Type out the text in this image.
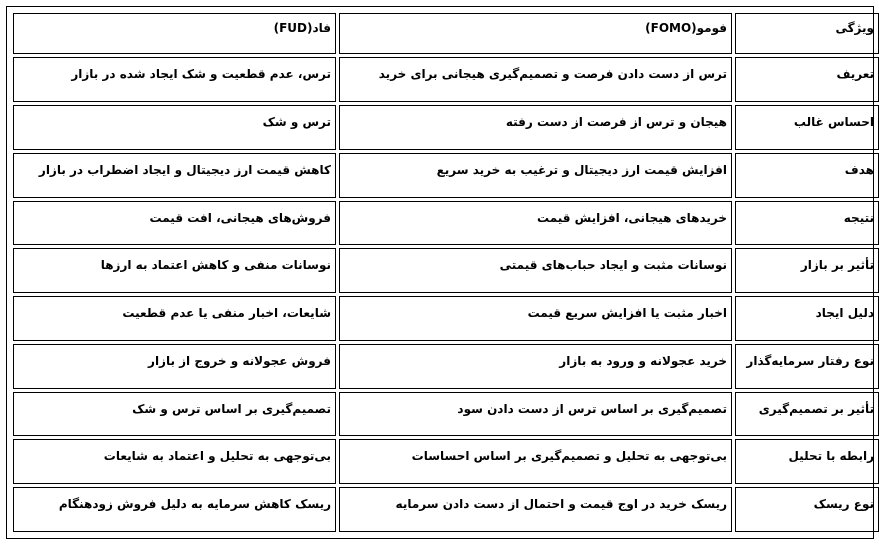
ویژگی	فومو(FOMO)	فاد(FUD)
تعریف	ترس از دست دادن فرصت و تصمیم‌گیری هیجانی برای خرید	ترس، عدم قطعیت و شک ایجاد شده در بازار
احساس غالب	هیجان و ترس از فرصت از دست رفته	ترس و شک
هدف	افزایش قیمت ارز دیجیتال و ترغیب به خرید سریع	کاهش قیمت ارز دیجیتال و ایجاد اضطراب در بازار
نتیجه	خریدهای هیجانی، افزایش قیمت	فروش‌های هیجانی، افت قیمت
تأثیر بر بازار	نوسانات مثبت و ایجاد حباب‌های قیمتی	نوسانات منفی و کاهش اعتماد به ارزها
دلیل ایجاد	اخبار مثبت یا افزایش سریع قیمت	شایعات، اخبار منفی یا عدم قطعیت
نوع رفتار سرمایه‌گذار	خرید عجولانه و ورود به بازار	فروش عجولانه و خروج از بازار
تأثیر بر تصمیم‌گیری	تصمیم‌گیری بر اساس ترس از دست دادن سود	تصمیم‌گیری بر اساس ترس و شک
رابطه با تحلیل	بی‌توجهی به تحلیل و تصمیم‌گیری بر اساس احساسات	بی‌توجهی به تحلیل و اعتماد به شایعات
نوع ریسک	ریسک خرید در اوج قیمت و احتمال از دست دادن سرمایه	ریسک کاهش سرمایه به دلیل فروش زودهنگام
